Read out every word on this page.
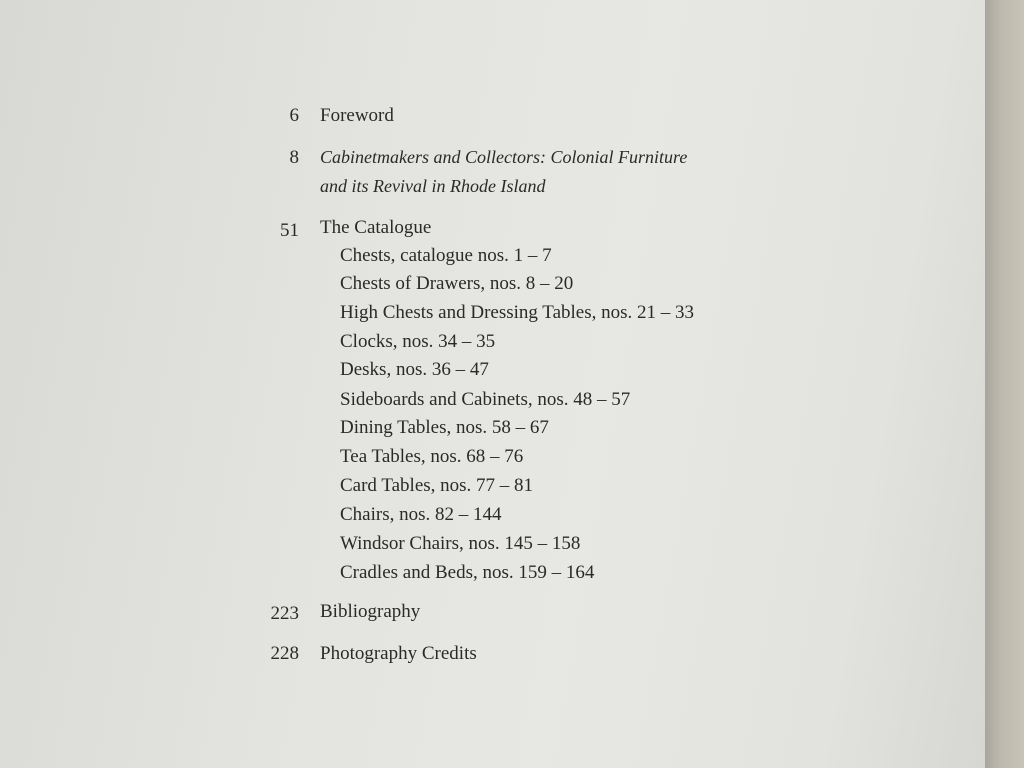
6 Foreword
8 Cabinetmakers and Collectors: Colonial Furniture
and its Revival in Rhode Island
51 The Catalogue
Chests, catalogue nos. 1 – 7
Chests of Drawers, nos. 8 – 20
High Chests and Dressing Tables, nos. 21 – 33
Clocks, nos. 34 – 35
Desks, nos. 36 – 47
Sideboards and Cabinets, nos. 48 – 57
Dining Tables, nos. 58 – 67
Tea Tables, nos. 68 – 76
Card Tables, nos. 77 – 81
Chairs, nos. 82 – 144
Windsor Chairs, nos. 145 – 158
Cradles and Beds, nos. 159 – 164
223 Bibliography
228 Photography Credits
